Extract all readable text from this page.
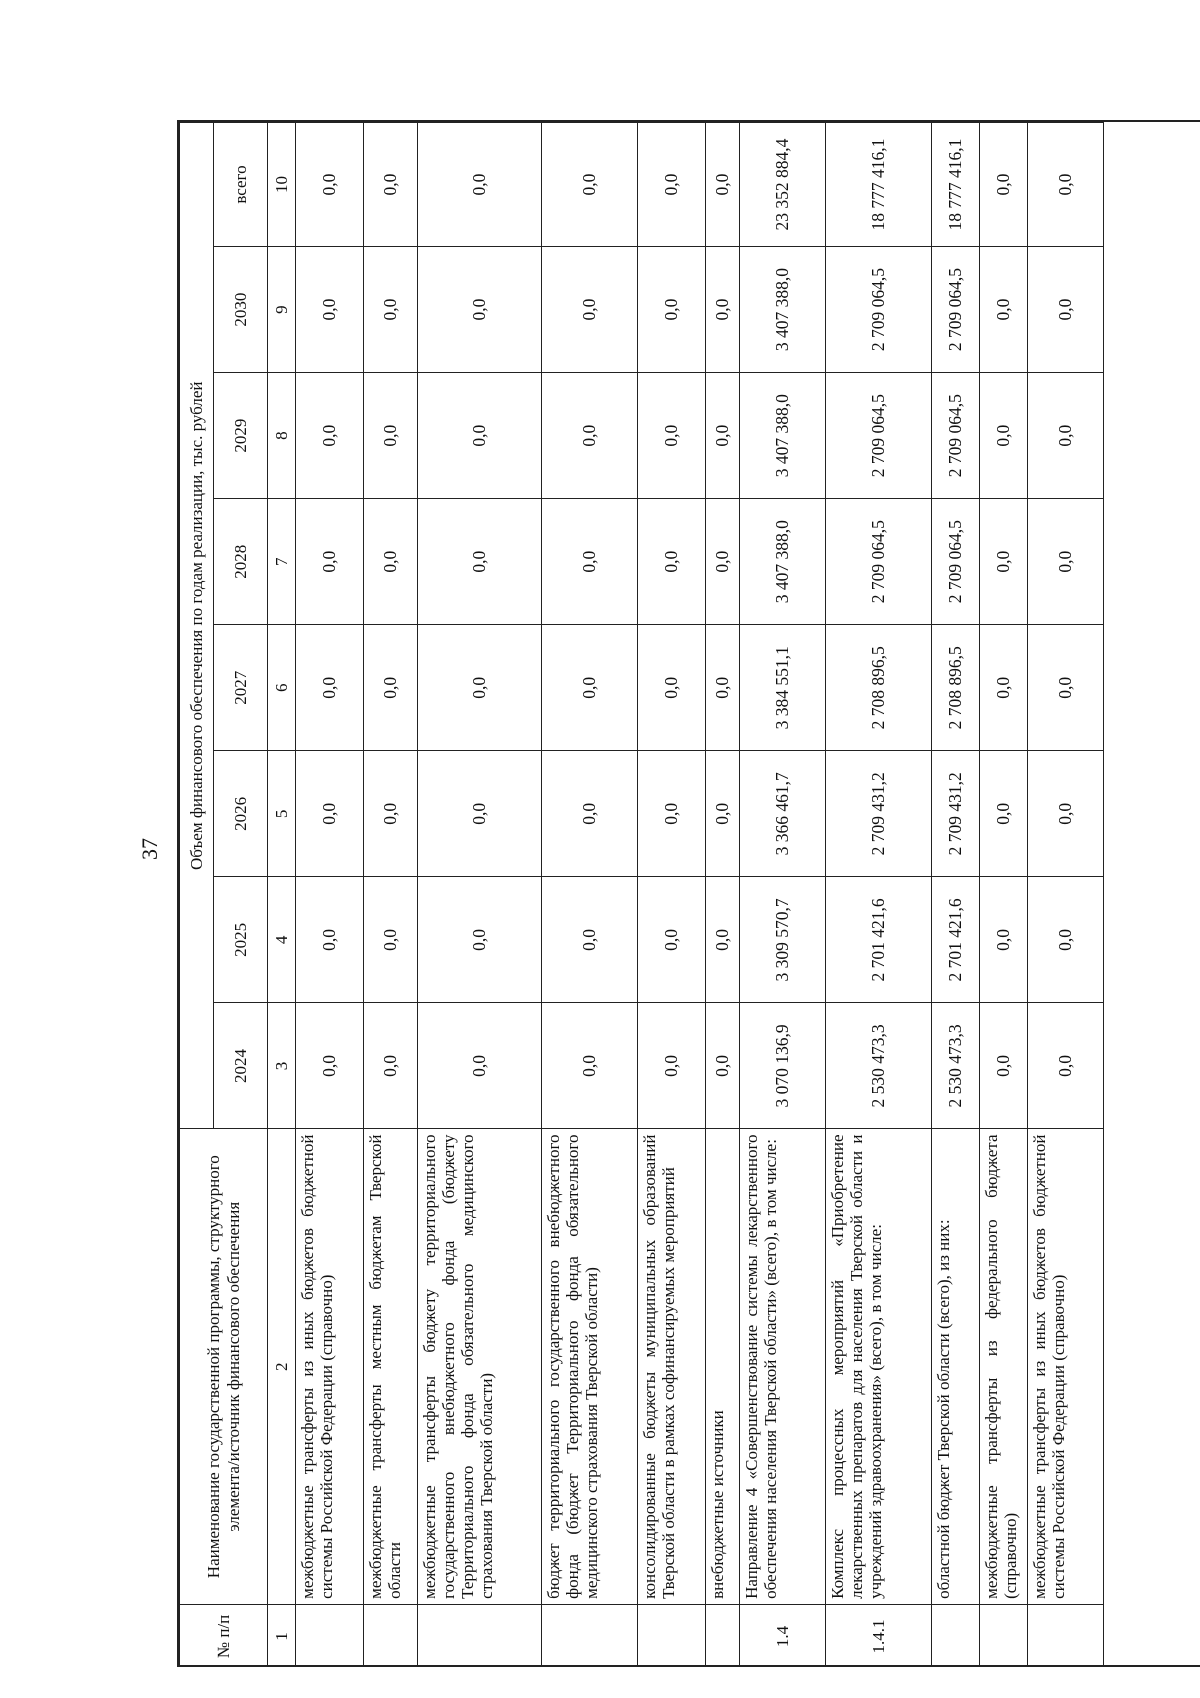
37
№ п/п	Наименование государственной программы, структурного элемента/источник финансового обеспечения	Объем финансового обеспечения по годам реализации, тыс. рублей							
		2024	2025	2026	2027	2028	2029	2030	всего
1	2	3	4	5	6	7	8	9	10
	межбюджетные трансферты из иных бюджетов бюджетной системы Российской Федерации (справочно)	0,0	0,0	0,0	0,0	0,0	0,0	0,0	0,0
	межбюджетные трансферты местным бюджетам Тверской области	0,0	0,0	0,0	0,0	0,0	0,0	0,0	0,0
	межбюджетные трансферты бюджету территориального государственного внебюджетного фонда (бюджету Территориального фонда обязательного медицинского страхования Тверской области)	0,0	0,0	0,0	0,0	0,0	0,0	0,0	0,0
	бюджет территориального государственного внебюджетного фонда (бюджет Территориального фонда обязательного медицинского страхования Тверской области)	0,0	0,0	0,0	0,0	0,0	0,0	0,0	0,0
	консолидированные бюджеты муниципальных образований Тверской области в рамках софинансируемых мероприятий	0,0	0,0	0,0	0,0	0,0	0,0	0,0	0,0
	внебюджетные источники	0,0	0,0	0,0	0,0	0,0	0,0	0,0	0,0
1.4	Направление 4 «Совершенствование системы лекарственного обеспечения населения Тверской области» (всего), в том числе:	3 070 136,9	3 309 570,7	3 366 461,7	3 384 551,1	3 407 388,0	3 407 388,0	3 407 388,0	23 352 884,4
1.4.1	Комплекс процессных мероприятий «Приобретение лекарственных препаратов для населения Тверской области и учреждений здравоохранения» (всего), в том числе:	2 530 473,3	2 701 421,6	2 709 431,2	2 708 896,5	2 709 064,5	2 709 064,5	2 709 064,5	18 777 416,1
	областной бюджет Тверской области (всего), из них:	2 530 473,3	2 701 421,6	2 709 431,2	2 708 896,5	2 709 064,5	2 709 064,5	2 709 064,5	18 777 416,1
	межбюджетные трансферты из федерального бюджета (справочно)	0,0	0,0	0,0	0,0	0,0	0,0	0,0	0,0
	межбюджетные трансферты из иных бюджетов бюджетной системы Российской Федерации (справочно)	0,0	0,0	0,0	0,0	0,0	0,0	0,0	0,0
